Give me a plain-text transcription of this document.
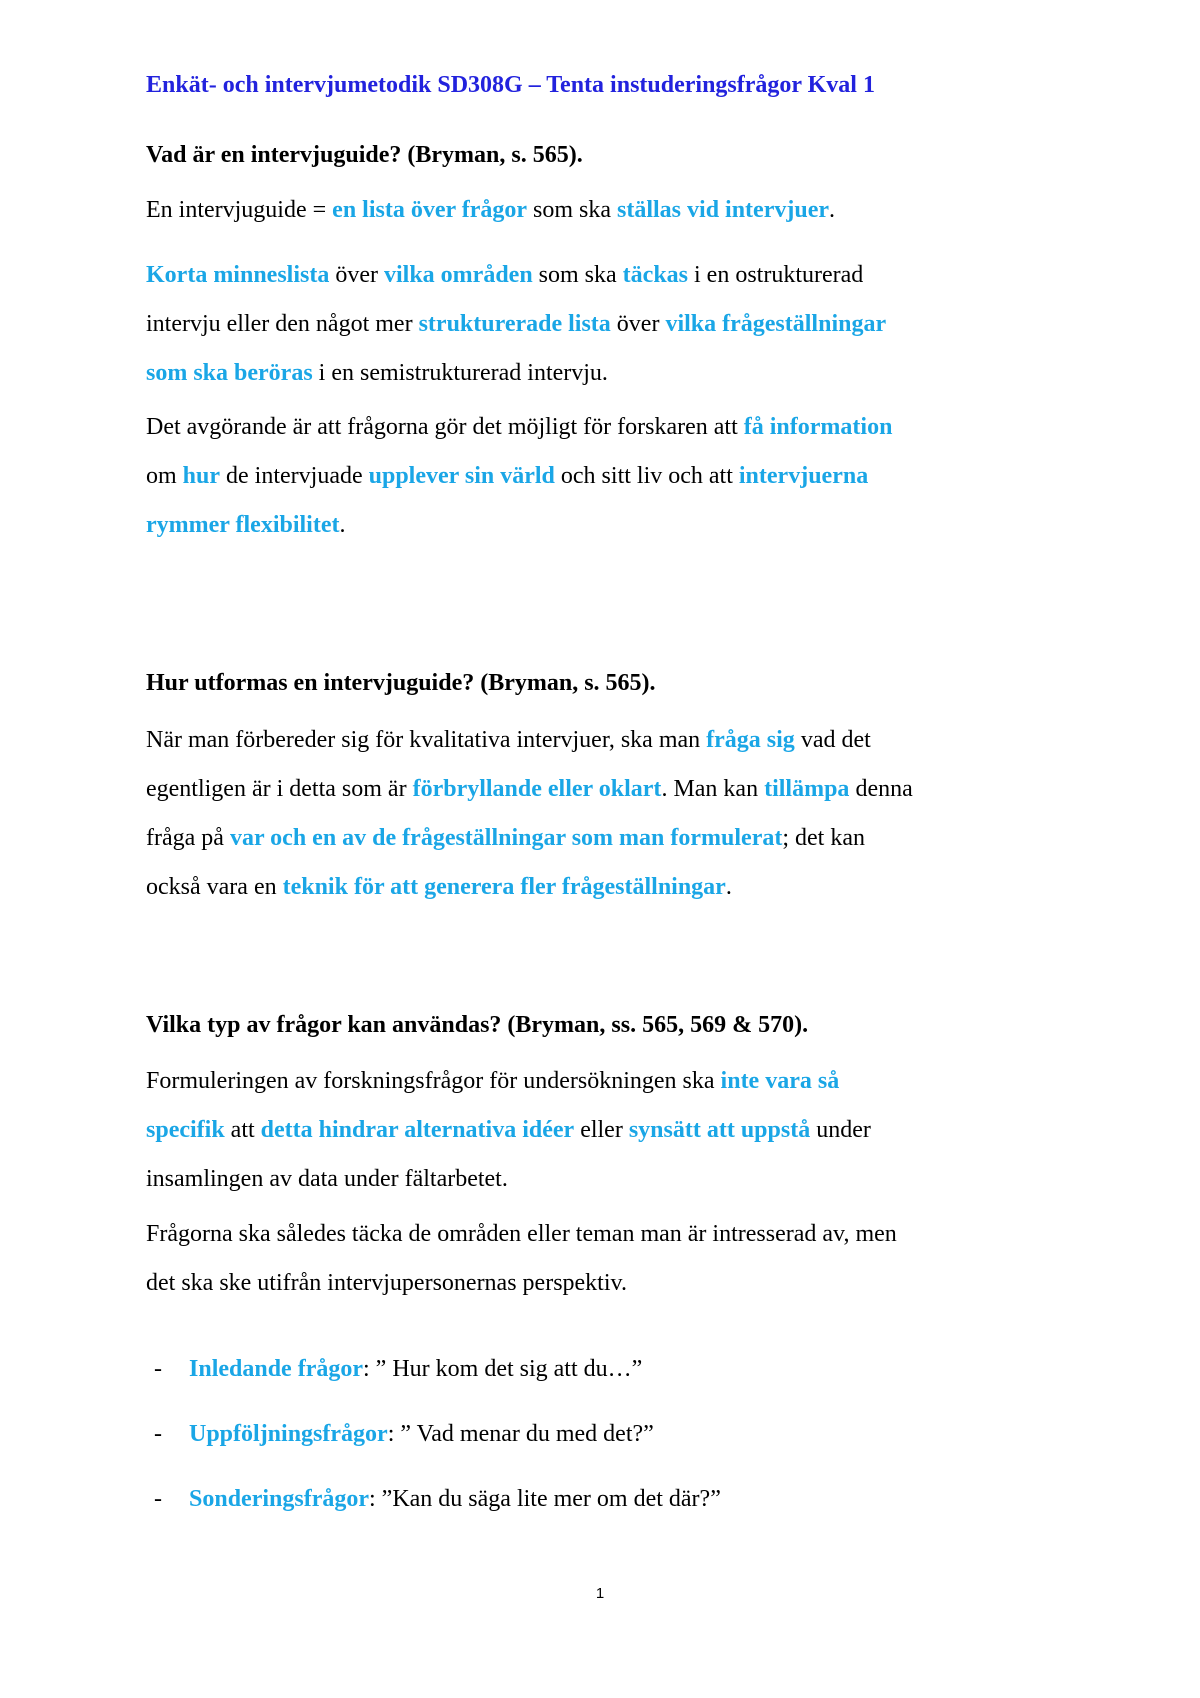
Enkät- och intervjumetodik SD308G – Tenta instuderingsfrågor Kval 1
Vad är en intervjuguide? (Bryman, s. 565).
En intervjuguide = en lista över frågor som ska ställas vid intervjuer.
Korta minneslista över vilka områden som ska täckas i en ostrukturerad
intervju eller den något mer strukturerade lista över vilka frågeställningar
som ska beröras i en semistrukturerad intervju.
Det avgörande är att frågorna gör det möjligt för forskaren att få information
om hur de intervjuade upplever sin värld och sitt liv och att intervjuerna
rymmer flexibilitet.
Hur utformas en intervjuguide? (Bryman, s. 565).
När man förbereder sig för kvalitativa intervjuer, ska man fråga sig vad det
egentligen är i detta som är förbryllande eller oklart. Man kan tillämpa denna
fråga på var och en av de frågeställningar som man formulerat; det kan
också vara en teknik för att generera fler frågeställningar.
Vilka typ av frågor kan användas? (Bryman, ss. 565, 569 & 570).
Formuleringen av forskningsfrågor för undersökningen ska inte vara så
specifik att detta hindrar alternativa idéer eller synsätt att uppstå under
insamlingen av data under fältarbetet.
Frågorna ska således täcka de områden eller teman man är intresserad av, men
det ska ske utifrån intervjupersonernas perspektiv.
- Inledande frågor: ” Hur kom det sig att du…”
- Uppföljningsfrågor: ” Vad menar du med det?”
- Sonderingsfrågor: ”Kan du säga lite mer om det där?”
1
